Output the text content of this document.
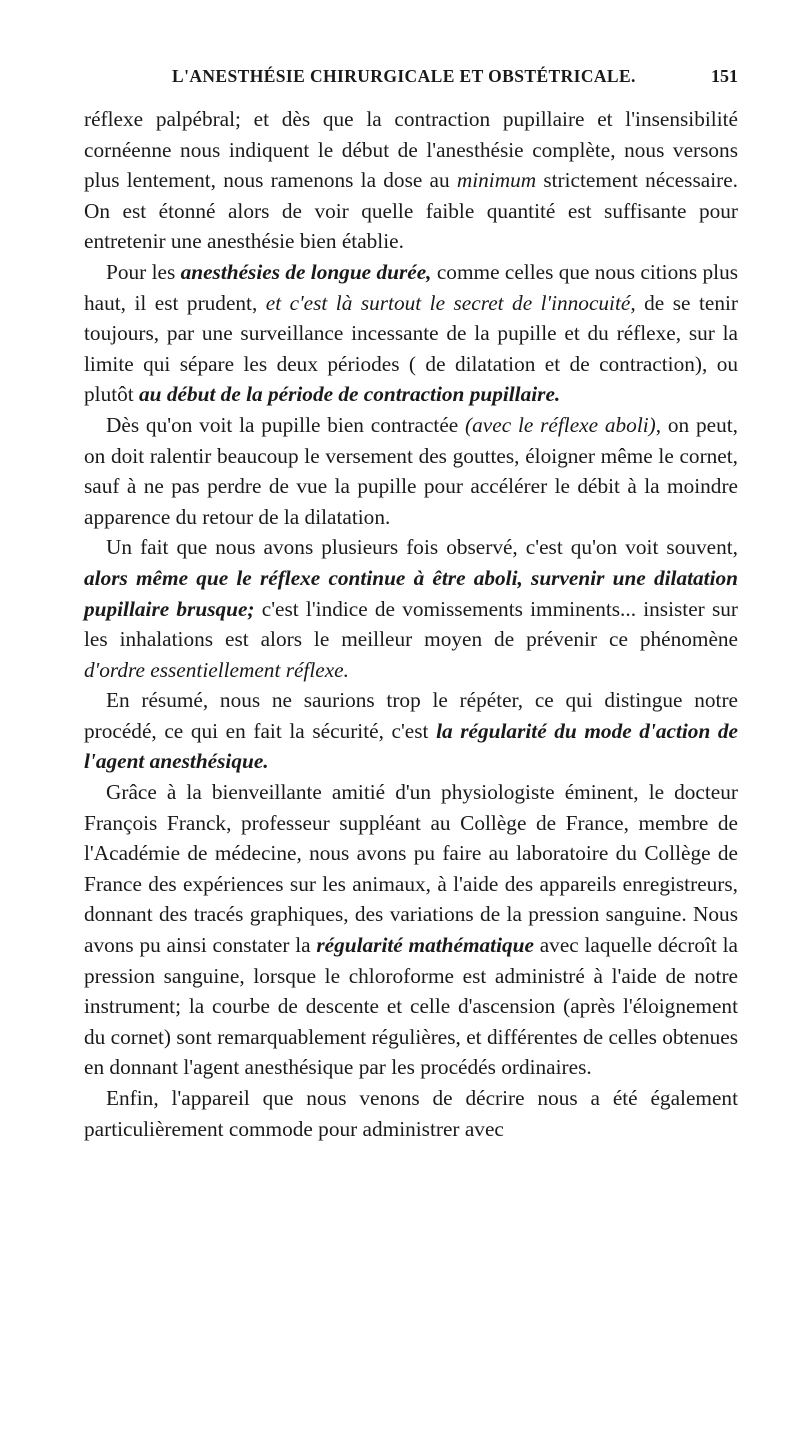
L'ANESTHÉSIE CHIRURGICALE ET OBSTÉTRICALE.	151

réflexe palpébral; et dès que la contraction pupillaire et l'insensibilité cornéenne nous indiquent le début de l'anesthésie complète, nous versons plus lentement, nous ramenons la dose au minimum strictement nécessaire. On est étonné alors de voir quelle faible quantité est suffisante pour entretenir une anesthésie bien établie.

Pour les anesthésies de longue durée, comme celles que nous citions plus haut, il est prudent, et c'est là surtout le secret de l'innocuité, de se tenir toujours, par une surveillance incessante de la pupille et du réflexe, sur la limite qui sépare les deux périodes ( de dilatation et de contraction), ou plutôt au début de la période de contraction pupillaire.

Dès qu'on voit la pupille bien contractée (avec le réflexe aboli), on peut, on doit ralentir beaucoup le versement des gouttes, éloigner même le cornet, sauf à ne pas perdre de vue la pupille pour accélérer le débit à la moindre apparence du retour de la dilatation.

Un fait que nous avons plusieurs fois observé, c'est qu'on voit souvent, alors même que le réflexe continue à être aboli, survenir une dilatation pupillaire brusque; c'est l'indice de vomissements imminents... insister sur les inhalations est alors le meilleur moyen de prévenir ce phénomène d'ordre essentiellement réflexe.

En résumé, nous ne saurions trop le répéter, ce qui distingue notre procédé, ce qui en fait la sécurité, c'est la régularité du mode d'action de l'agent anesthésique.

Grâce à la bienveillante amitié d'un physiologiste éminent, le docteur François Franck, professeur suppléant au Collège de France, membre de l'Académie de médecine, nous avons pu faire au laboratoire du Collège de France des expériences sur les animaux, à l'aide des appareils enregistreurs, donnant des tracés graphiques, des variations de la pression sanguine. Nous avons pu ainsi constater la régularité mathématique avec laquelle décroît la pression sanguine, lorsque le chloroforme est administré à l'aide de notre instrument; la courbe de descente et celle d'ascension (après l'éloignement du cornet) sont remarquablement régulières, et différentes de celles obtenues en donnant l'agent anesthésique par les procédés ordinaires.

Enfin, l'appareil que nous venons de décrire nous a été également particulièrement commode pour administrer avec
